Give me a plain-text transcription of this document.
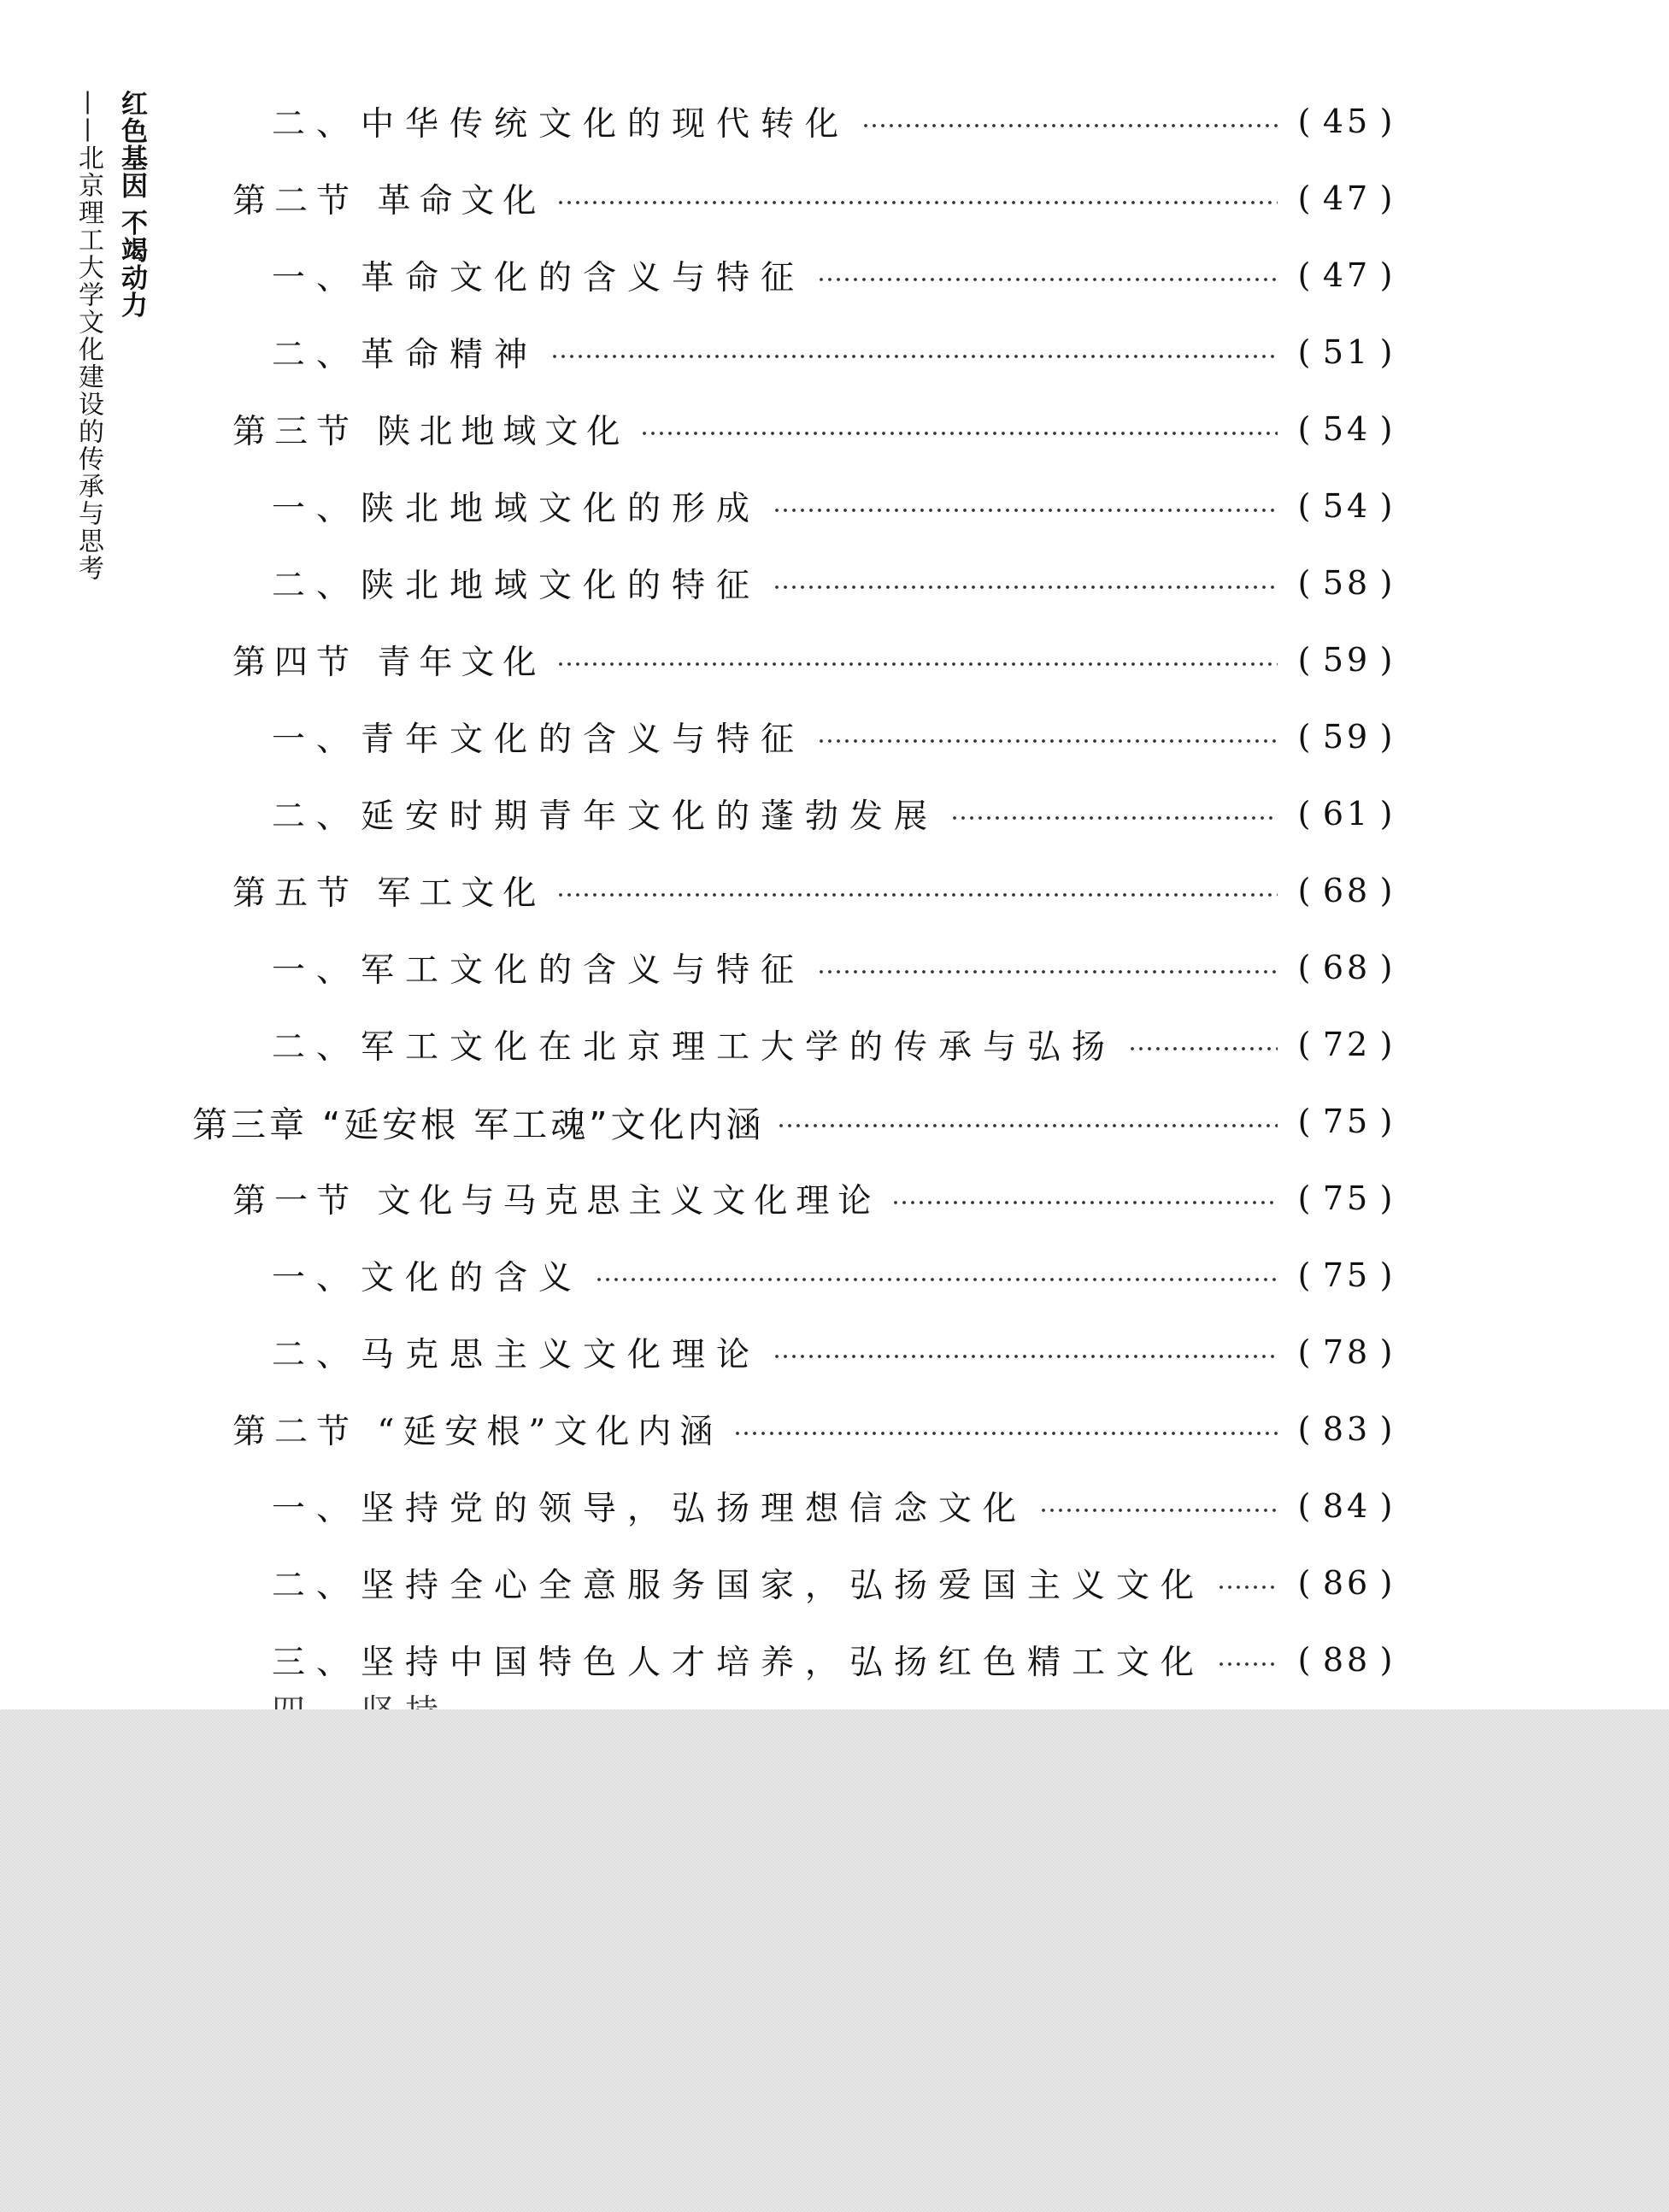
红色基因 不竭动力
——北京理工大学文化建设的传承与思考	二、中华传统文化的现代转化	( 45 )
第二节 革命文化	( 47 )
一、革命文化的含义与特征	( 47 )
二、革命精神	( 51 )
第三节 陕北地域文化	( 54 )
一、陕北地域文化的形成	( 54 )
二、陕北地域文化的特征	( 58 )
第四节 青年文化	( 59 )
一、青年文化的含义与特征	( 59 )
二、延安时期青年文化的蓬勃发展	( 61 )
第五节 军工文化	( 68 )
一、军工文化的含义与特征	( 68 )
二、军工文化在北京理工大学的传承与弘扬	( 72 )
第三章 “延安根 军工魂”文化内涵	( 75 )
第一节 文化与马克思主义文化理论	( 75 )
一、文化的含义	( 75 )
二、马克思主义文化理论	( 78 )
第二节 “延安根”文化内涵	( 83 )
一、坚持党的领导，弘扬理想信念文化	( 84 )
二、坚持全心全意服务国家，弘扬爱国主义文化	( 86 )
三、坚持中国特色人才培养，弘扬红色精工文化	( 88 )
